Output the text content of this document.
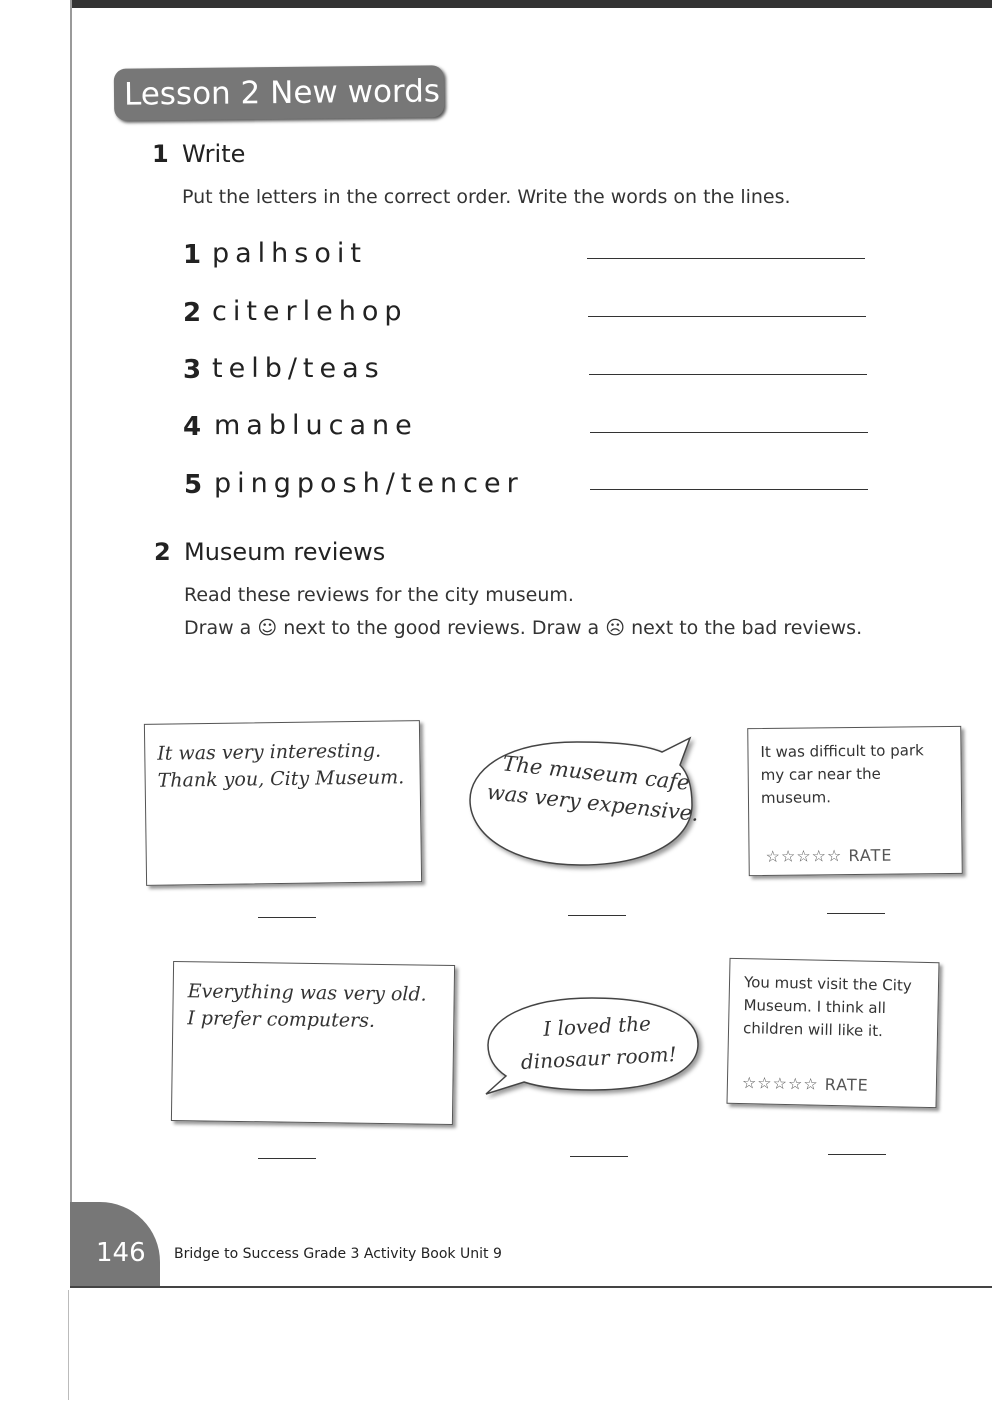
Lesson 2 New words
1 Write
Put the letters in the correct order. Write the words on the lines.
1 palhsoit
2 citerlehop
3 telb/teas
4 mablucane
5 pingposh/tencer
2 Museum reviews
Read these reviews for the city museum.
Draw a ☺ next to the good reviews. Draw a ☹ next to the bad reviews.
It was very interesting.
Thank you, City Museum.	The museum cafe
was very expensive.
It was difficult to park
my car near the
museum.
☆☆☆☆☆ RATE
Everything was very old.
I prefer computers.	I loved the
dinosaur room!
You must visit the City
Museum. I think all
children will like it.
☆☆☆☆☆ RATE
146 Bridge to Success Grade 3 Activity Book Unit 9
